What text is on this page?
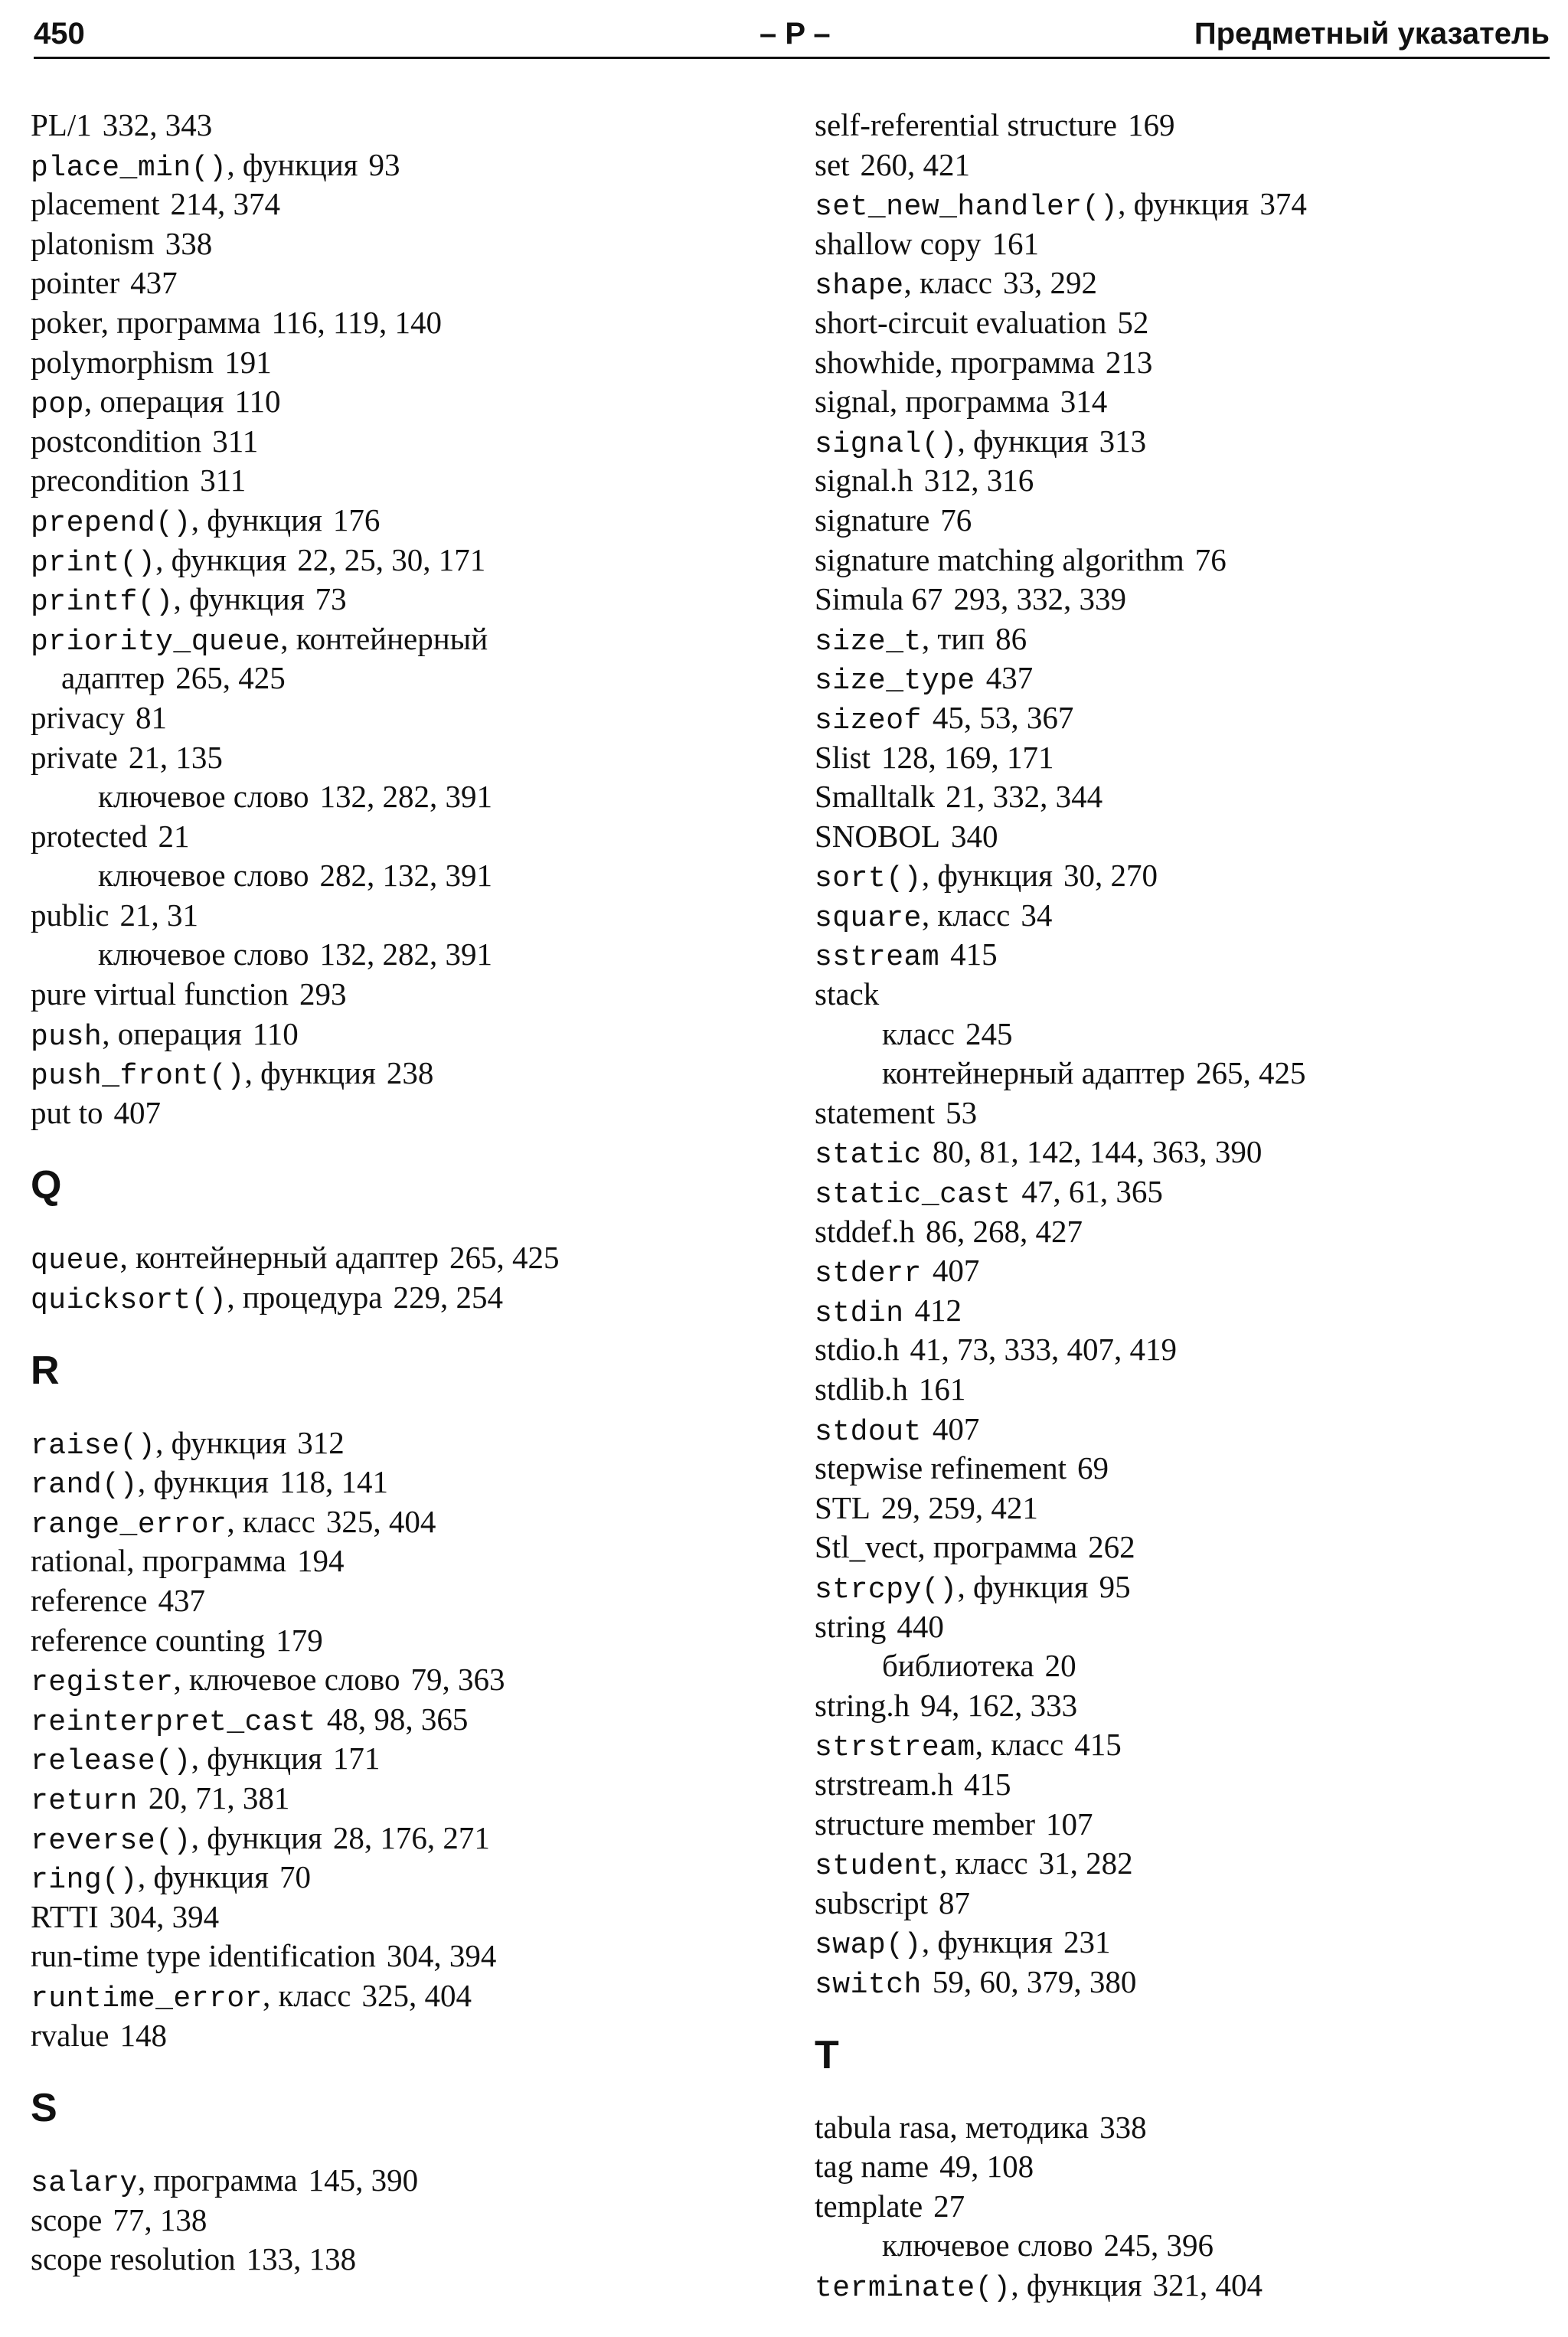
450	– P –	Предметный указатель
PL/1 332, 343
place_min(), функция 93
placement 214, 374
platonism 338
pointer 437
poker, программа 116, 119, 140
polymorphism 191
pop, операция 110
postcondition 311
precondition 311
prepend(), функция 176
print(), функция 22, 25, 30, 171
printf(), функция 73
priority_queue, контейнерный
адаптер 265, 425
privacy 81
private 21, 135
ключевое слово 132, 282, 391
protected 21
ключевое слово 282, 132, 391
public 21, 31
ключевое слово 132, 282, 391
pure virtual function 293
push, операция 110
push_front(), функция 238
put to 407
Q
queue, контейнерный адаптер 265, 425
quicksort(), процедура 229, 254
R
raise(), функция 312
rand(), функция 118, 141
range_error, класс 325, 404
rational, программа 194
reference 437
reference counting 179
register, ключевое слово 79, 363
reinterpret_cast 48, 98, 365
release(), функция 171
return 20, 71, 381
reverse(), функция 28, 176, 271
ring(), функция 70
RTTI 304, 394
run-time type identification 304, 394
runtime_error, класс 325, 404
rvalue 148
S
salary, программа 145, 390
scope 77, 138
scope resolution 133, 138
self-referential structure 169
set 260, 421
set_new_handler(), функция 374
shallow copy 161
shape, класс 33, 292
short-circuit evaluation 52
showhide, программа 213
signal, программа 314
signal(), функция 313
signal.h 312, 316
signature 76
signature matching algorithm 76
Simula 67 293, 332, 339
size_t, тип 86
size_type 437
sizeof 45, 53, 367
Slist 128, 169, 171
Smalltalk 21, 332, 344
SNOBOL 340
sort(), функция 30, 270
square, класс 34
sstream 415
stack
класс 245
контейнерный адаптер 265, 425
statement 53
static 80, 81, 142, 144, 363, 390
static_cast 47, 61, 365
stddef.h 86, 268, 427
stderr 407
stdin 412
stdio.h 41, 73, 333, 407, 419
stdlib.h 161
stdout 407
stepwise refinement 69
STL 29, 259, 421
Stl_vect, программа 262
strcpy(), функция 95
string 440
библиотека 20
string.h 94, 162, 333
strstream, класс 415
strstream.h 415
structure member 107
student, класс 31, 282
subscript 87
swap(), функция 231
switch 59, 60, 379, 380
T
tabula rasa, методика 338
tag name 49, 108
template 27
ключевое слово 245, 396
terminate(), функция 321, 404
